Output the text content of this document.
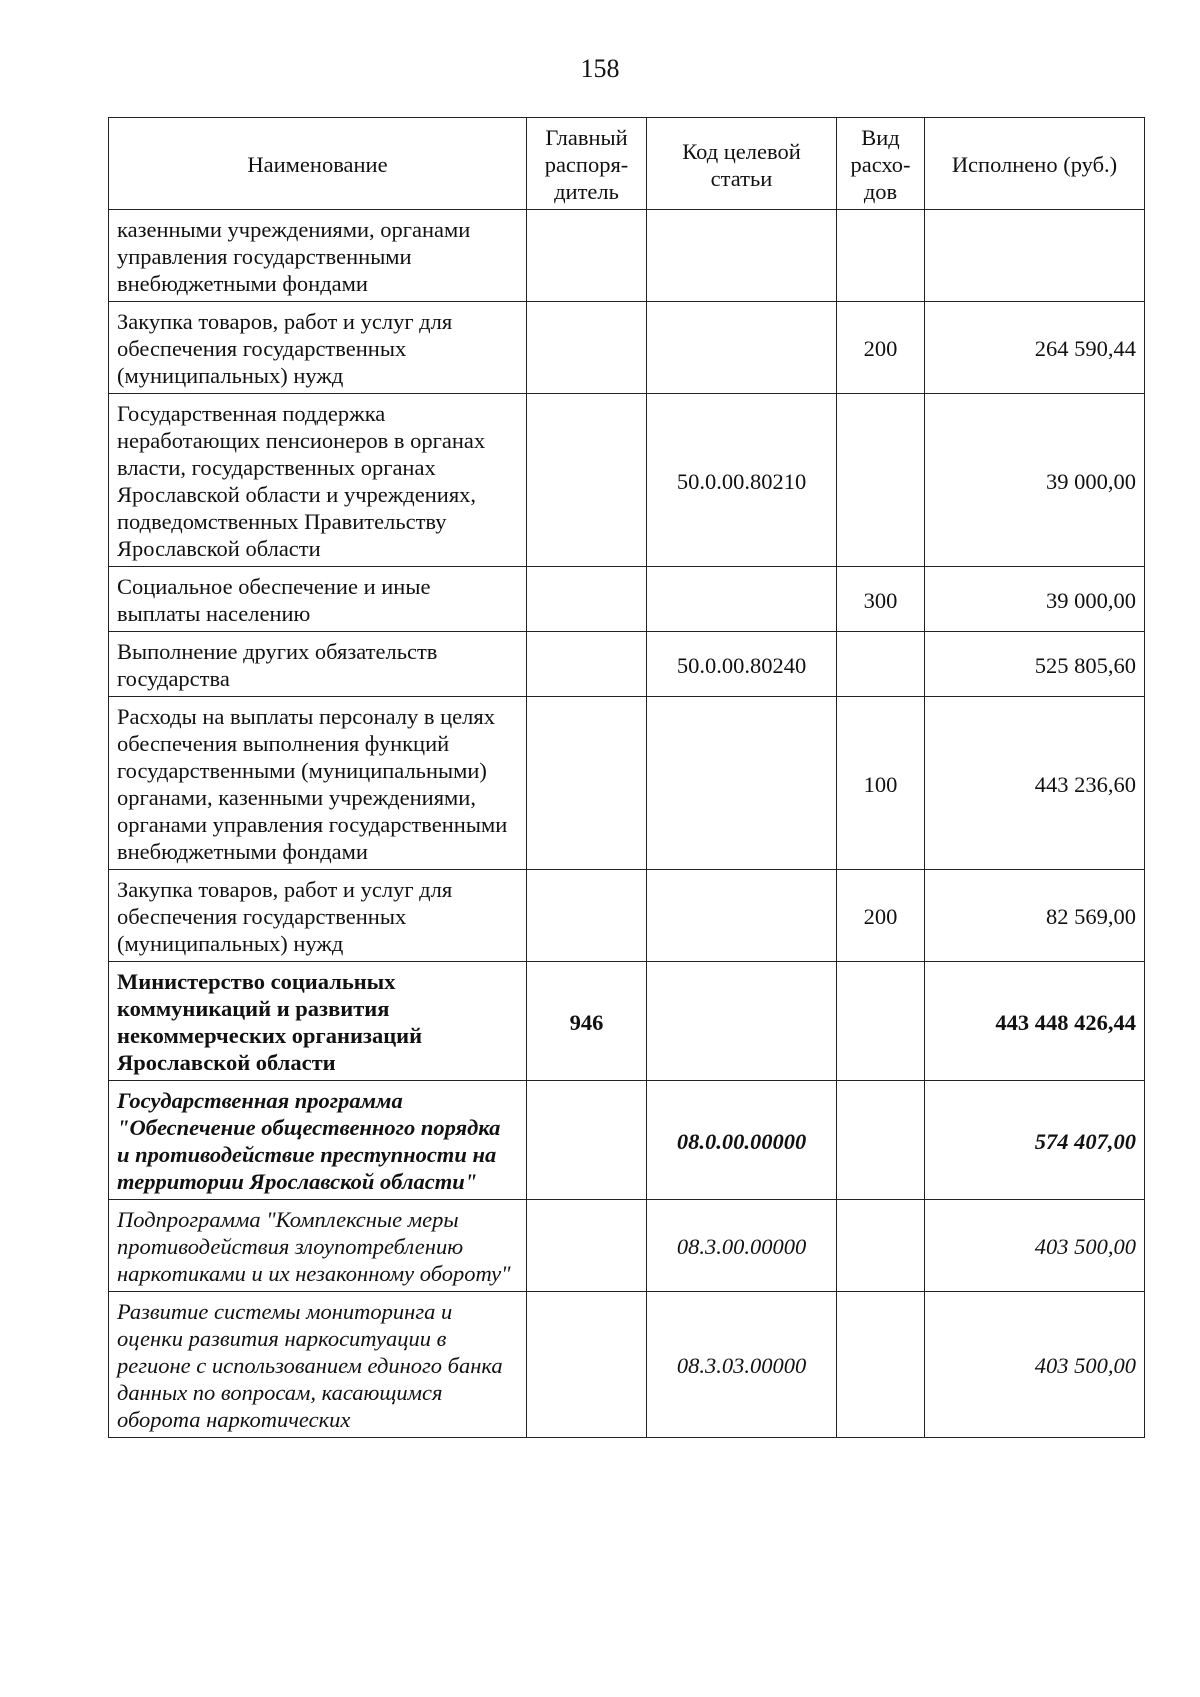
158
Наименование	Главный распоря-дитель	Код целевой статьи	Вид расхо-дов	Исполнено (руб.)
казенными учреждениями, органами управления государственными внебюджетными фондами				
Закупка товаров, работ и услуг для обеспечения государственных (муниципальных) нужд			200	264 590,44
Государственная поддержка неработающих пенсионеров в органах власти, государственных органах Ярославской области и учреждениях, подведомственных Правительству Ярославской области		50.0.00.80210		39 000,00
Социальное обеспечение и иные выплаты населению			300	39 000,00
Выполнение других обязательств государства		50.0.00.80240		525 805,60
Расходы на выплаты персоналу в целях обеспечения выполнения функций государственными (муниципальными) органами, казенными учреждениями, органами управления государственными внебюджетными фондами			100	443 236,60
Закупка товаров, работ и услуг для обеспечения государственных (муниципальных) нужд			200	82 569,00
Министерство социальных коммуникаций и развития некоммерческих организаций Ярославской области	946			443 448 426,44
Государственная программа "Обеспечение общественного порядка и противодействие преступности на территории Ярославской области"		08.0.00.00000		574 407,00
Подпрограмма "Комплексные меры противодействия злоупотреблению наркотиками и их незаконному обороту"		08.3.00.00000		403 500,00
Развитие системы мониторинга и оценки развития наркоситуации в регионе с использованием единого банка данных по вопросам, касающимся оборота наркотических		08.3.03.00000		403 500,00
